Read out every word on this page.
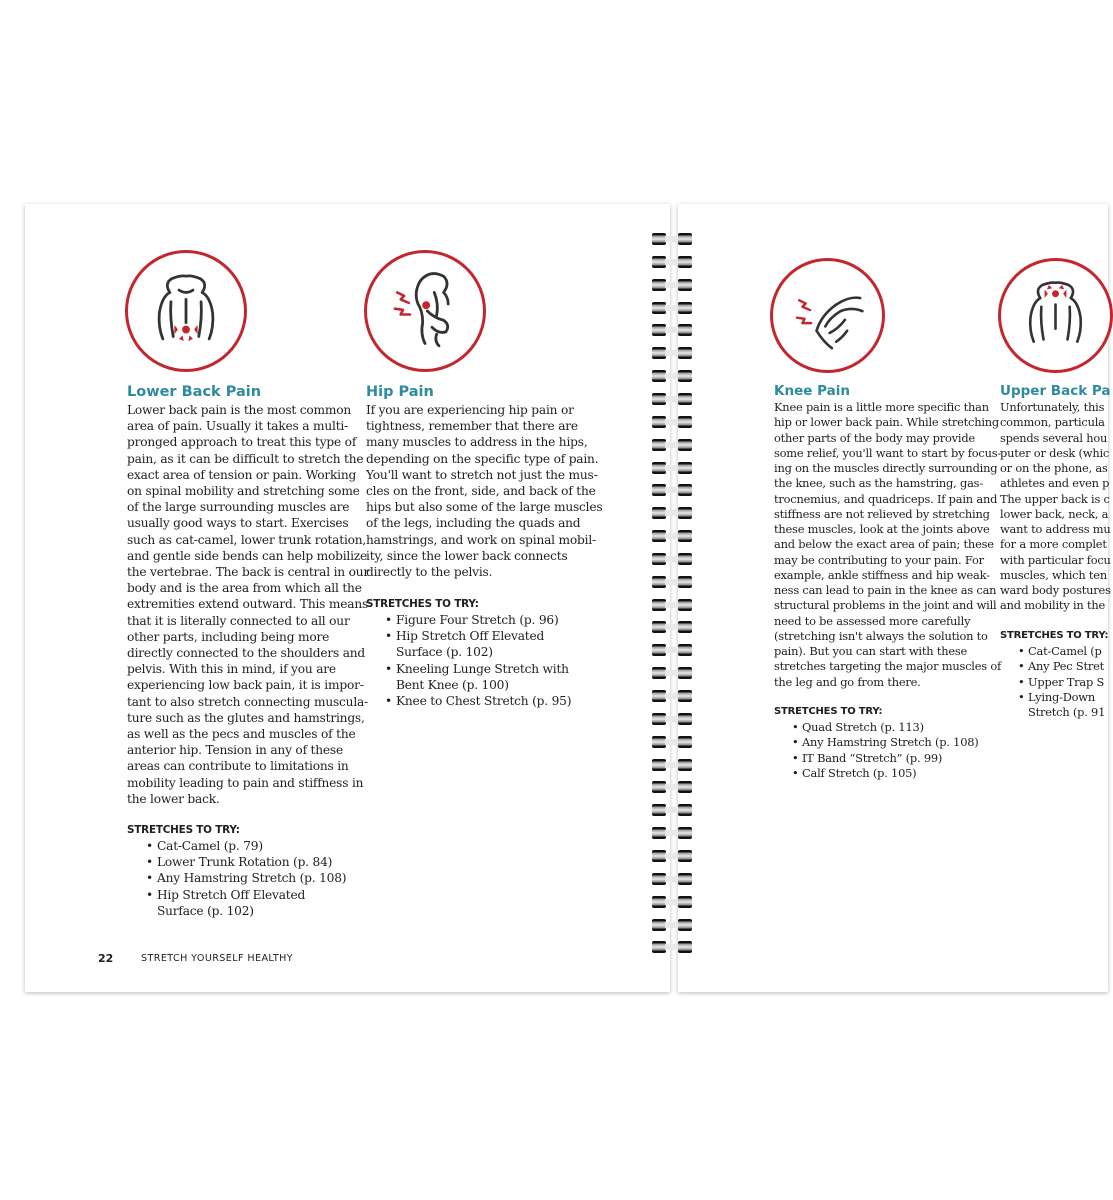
Lower Back Pain
Lower back pain is the most common
area of pain. Usually it takes a multi-
pronged approach to treat this type of
pain, as it can be difficult to stretch the
exact area of tension or pain. Working
on spinal mobility and stretching some
of the large surrounding muscles are
usually good ways to start. Exercises
such as cat-camel, lower trunk rotation,
and gentle side bends can help mobilize
the vertebrae. The back is central in our
body and is the area from which all the
extremities extend outward. This means
that it is literally connected to all our
other parts, including being more
directly connected to the shoulders and
pelvis. With this in mind, if you are
experiencing low back pain, it is impor-
tant to also stretch connecting muscula-
ture such as the glutes and hamstrings,
as well as the pecs and muscles of the
anterior hip. Tension in any of these
areas can contribute to limitations in
mobility leading to pain and stiffness in
the lower back.
STRETCHES TO TRY:
• Cat-Camel (p. 79)
• Lower Trunk Rotation (p. 84)
• Any Hamstring Stretch (p. 108)
• Hip Stretch Off Elevated
Surface (p. 102)
Hip Pain
If you are experiencing hip pain or
tightness, remember that there are
many muscles to address in the hips,
depending on the specific type of pain.
You'll want to stretch not just the mus-
cles on the front, side, and back of the
hips but also some of the large muscles
of the legs, including the quads and
hamstrings, and work on spinal mobil-
ity, since the lower back connects
directly to the pelvis.
STRETCHES TO TRY:
• Figure Four Stretch (p. 96)
• Hip Stretch Off Elevated
Surface (p. 102)
• Kneeling Lunge Stretch with
Bent Knee (p. 100)
• Knee to Chest Stretch (p. 95)
22	STRETCH YOURSELF HEALTHY
Knee Pain
Knee pain is a little more specific than
hip or lower back pain. While stretching
other parts of the body may provide
some relief, you'll want to start by focus-
ing on the muscles directly surrounding
the knee, such as the hamstring, gas-
trocnemius, and quadriceps. If pain and
stiffness are not relieved by stretching
these muscles, look at the joints above
and below the exact area of pain; these
may be contributing to your pain. For
example, ankle stiffness and hip weak-
ness can lead to pain in the knee as can
structural problems in the joint and will
need to be assessed more carefully
(stretching isn't always the solution to
pain). But you can start with these
stretches targeting the major muscles of
the leg and go from there.
STRETCHES TO TRY:
• Quad Stretch (p. 113)
• Any Hamstring Stretch (p. 108)
• IT Band “Stretch” (p. 99)
• Calf Stretch (p. 105)
Upper Back Pa
Unfortunately, this
common, particula
spends several hou
puter or desk (whic
or on the phone, as
athletes and even p
The upper back is c
lower back, neck, a
want to address mu
for a more complet
with particular focu
muscles, which ten
ward body postures
and mobility in the
STRETCHES TO TRY:
• Cat-Camel (p
• Any Pec Stret
• Upper Trap S
• Lying-Down
Stretch (p. 91
